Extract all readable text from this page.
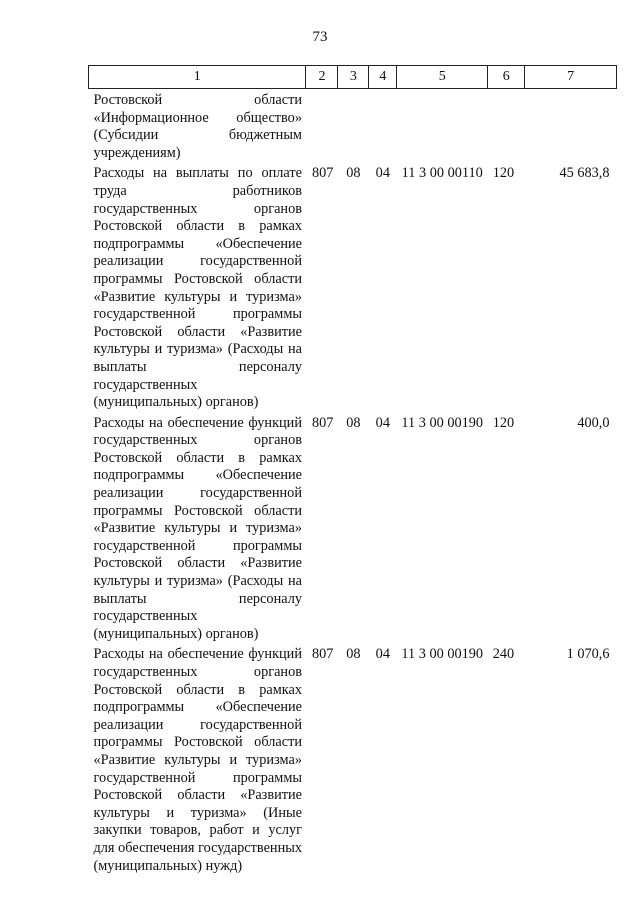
73
1	2	3	4	5	6	7
Ростовской области «Информационное общество» (Субсидии бюджетным учреждениям)						
Расходы на выплаты по оплате труда работников государственных органов Ростовской области в рамках подпрограммы «Обеспечение реализации государственной программы Ростовской области «Развитие культуры и туризма» государственной программы Ростовской области «Развитие культуры и туризма» (Расходы на выплаты персоналу государственных (муниципальных) органов)	807	08	04	11 3 00 00110	120	45 683,8
Расходы на обеспечение функций государственных органов Ростовской области в рамках подпрограммы «Обеспечение реализации государственной программы Ростовской области «Развитие культуры и туризма» государственной программы Ростовской области «Развитие культуры и туризма» (Расходы на выплаты персоналу государственных (муниципальных) органов)	807	08	04	11 3 00 00190	120	400,0
Расходы на обеспечение функций государственных органов Ростовской области в рамках подпрограммы «Обеспечение реализации государственной программы Ростовской области «Развитие культуры и туризма» государственной программы Ростовской области «Развитие культуры и туризма» (Иные закупки товаров, работ и услуг для обеспечения государственных (муниципальных) нужд)	807	08	04	11 3 00 00190	240	1 070,6
